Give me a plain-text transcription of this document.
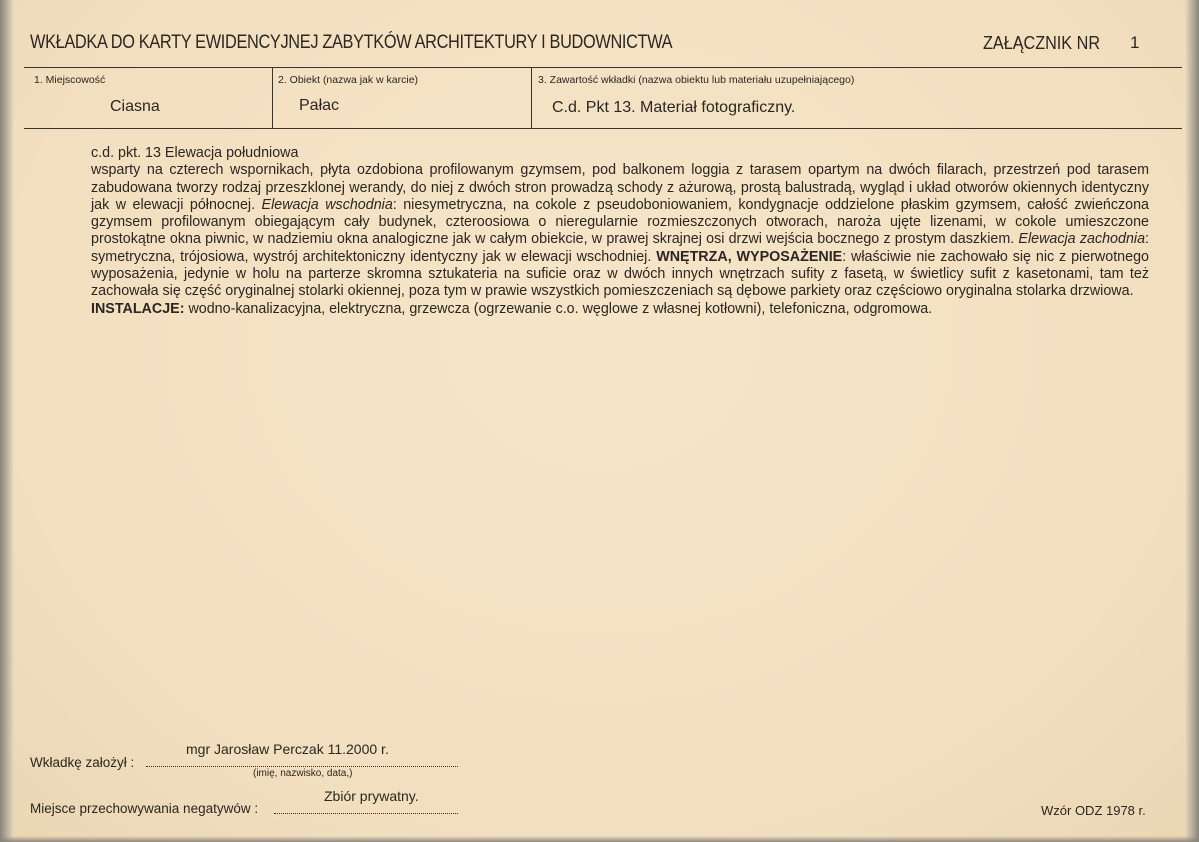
WKŁADKA DO KARTY EWIDENCYJNEJ ZABYTKÓW ARCHITEKTURY I BUDOWNICTWA	ZAŁĄCZNIK NR 1
1. Miejscowość
Ciasna
2. Obiekt (nazwa jak w karcie)
Pałac
3. Zawartość wkładki (nazwa obiektu lub materiału uzupełniającego)
C.d. Pkt 13. Materiał fotograficzny.

c.d. pkt. 13 Elewacja południowa

wsparty na czterech wspornikach, płyta ozdobiona profilowanym gzymsem, pod balkonem loggia z tarasem opartym na dwóch filarach, przestrzeń pod tarasem zabudowana tworzy rodzaj przeszklonej werandy, do niej z dwóch stron prowadzą schody z ażurową, prostą balustradą, wygląd i układ otworów okiennych identyczny jak w elewacji północnej. Elewacja wschodnia: niesymetryczna, na cokole z pseudoboniowaniem, kondygnacje oddzielone płaskim gzymsem, całość zwieńczona gzymsem profilowanym obiegającym cały budynek, czteroosiowa o nieregularnie rozmieszczonych otworach, naroża ujęte lizenami, w cokole umieszczone prostokątne okna piwnic, w nadziemiu okna analogiczne jak w całym obiekcie, w prawej skrajnej osi drzwi wejścia bocznego z prostym daszkiem. Elewacja zachodnia: symetryczna, trójosiowa, wystrój architektoniczny identyczny jak w elewacji wschodniej. WNĘTRZA, WYPOSAŻENIE: właściwie nie zachowało się nic z pierwotnego wyposażenia, jedynie w holu na parterze skromna sztukateria na suficie oraz w dwóch innych wnętrzach sufity z fasetą, w świetlicy sufit z kasetonami, tam też zachowała się część oryginalnej stolarki okiennej, poza tym w prawie wszystkich pomieszczeniach są dębowe parkiety oraz częściowo oryginalna stolarka drzwiowa.

INSTALACJE: wodno-kanalizacyjna, elektryczna, grzewcza (ogrzewanie c.o. węglowe z własnej kotłowni), telefoniczna, odgromowa.

mgr Jarosław Perczak 11.2000 r.
Wkładkę założył :
(imię, nazwisko, data,)
Zbiór prywatny.
Miejsce przechowywania negatywów :	Wzór ODZ 1978 r.
